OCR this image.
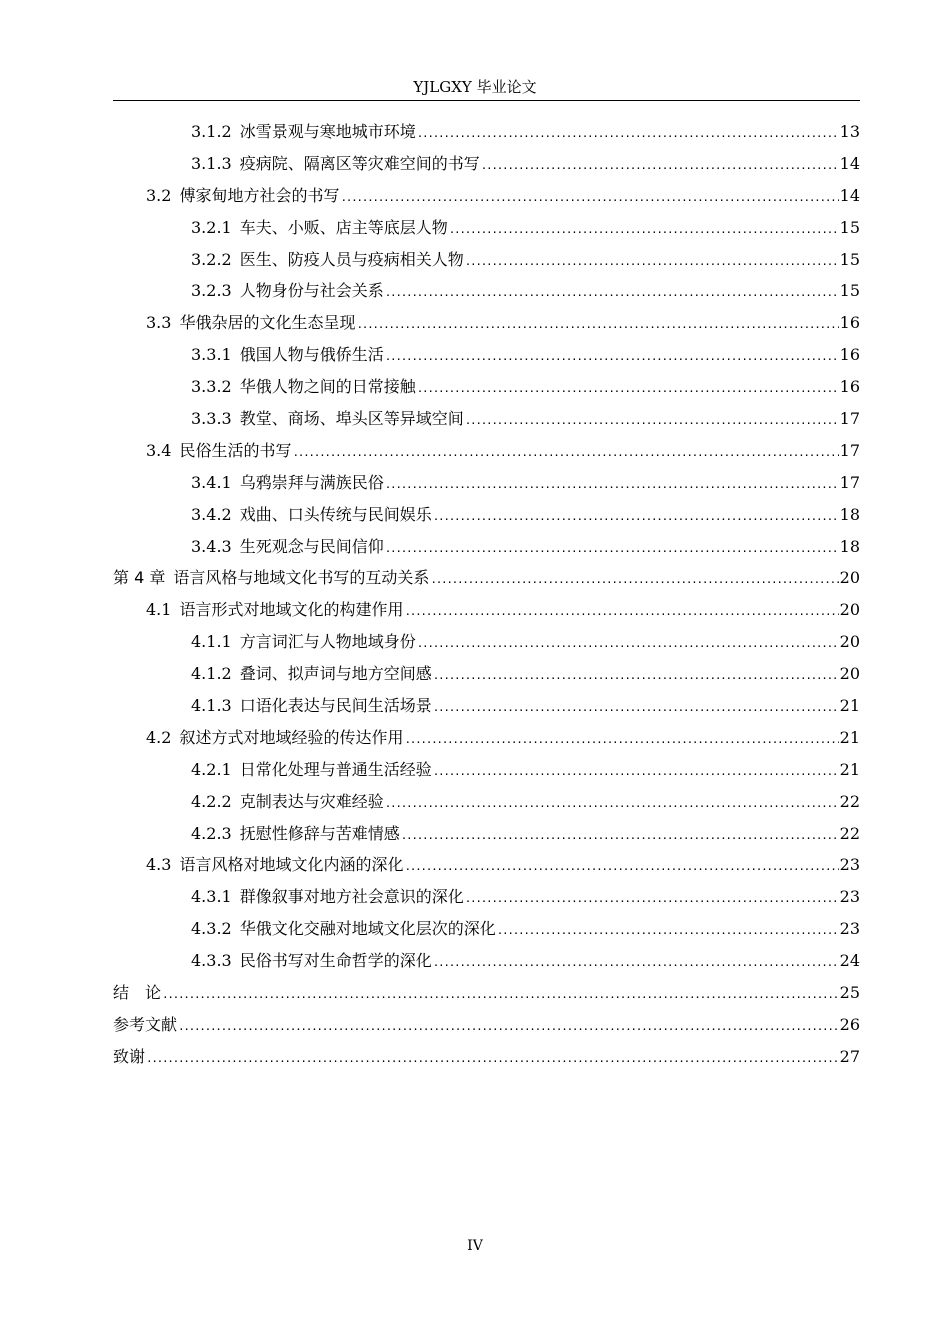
YJLGXY 毕业论文
3.1.2 冰雪景观与寒地城市环境 .....	13
3.1.3 疫病院、隔离区等灾难空间的书写 .....	14
3.2 傅家甸地方社会的书写 .....	14
3.2.1 车夫、小贩、店主等底层人物 .....	15
3.2.2 医生、防疫人员与疫病相关人物 .....	15
3.2.3 人物身份与社会关系 .....	15
3.3 华俄杂居的文化生态呈现 .....	16
3.3.1 俄国人物与俄侨生活 .....	16
3.3.2 华俄人物之间的日常接触 .....	16
3.3.3 教堂、商场、埠头区等异域空间 .....	17
3.4 民俗生活的书写 .....	17
3.4.1 乌鸦崇拜与满族民俗 .....	17
3.4.2 戏曲、口头传统与民间娱乐 .....	18
3.4.3 生死观念与民间信仰 .....	18
第 4 章 语言风格与地域文化书写的互动关系 .....	20
4.1 语言形式对地域文化的构建作用 .....	20
4.1.1 方言词汇与人物地域身份 .....	20
4.1.2 叠词、拟声词与地方空间感 .....	20
4.1.3 口语化表达与民间生活场景 .....	21
4.2 叙述方式对地域经验的传达作用 .....	21
4.2.1 日常化处理与普通生活经验 .....	21
4.2.2 克制表达与灾难经验 .....	22
4.2.3 抚慰性修辞与苦难情感 .....	22
4.3 语言风格对地域文化内涵的深化 .....	23
4.3.1 群像叙事对地方社会意识的深化 .....	23
4.3.2 华俄文化交融对地域文化层次的深化 .....	23
4.3.3 民俗书写对生命哲学的深化 .....	24
结　论 .....	25
参考文献 .....	26
致谢 .....	27
IV
